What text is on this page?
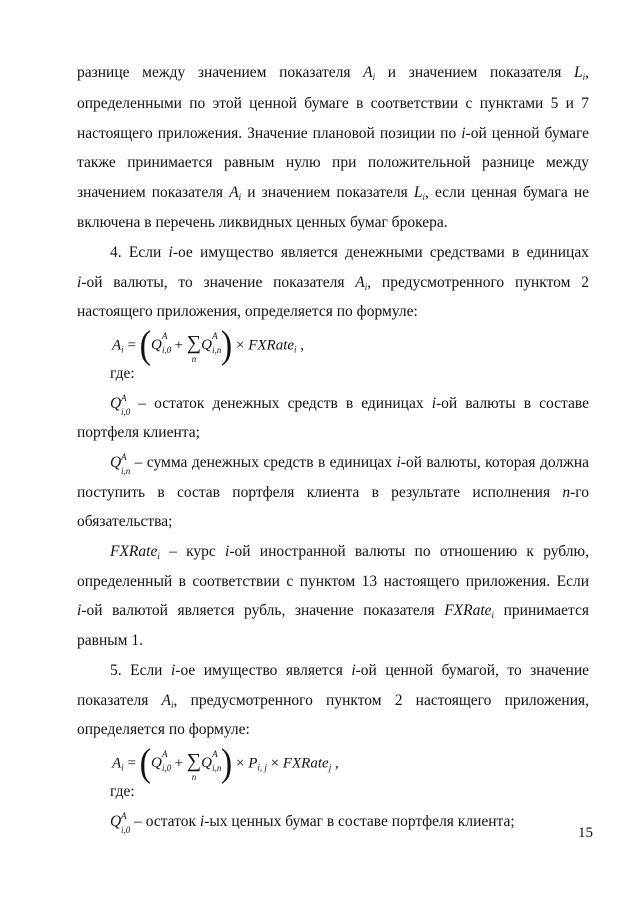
разнице между значением показателя $A_i$ и значением показателя $L_i$,

определенными по этой ценной бумаге в соответствии с пунктами 5 и 7

настоящего приложения. Значение плановой позиции по i-ой ценной бумаге

также принимается равным нулю при положительной разнице между

значением показателя $A_i$ и значением показателя $L_i$, если ценная бумага не

включена в перечень ликвидных ценных бумаг брокера.

4. Если i-ое имущество является денежными средствами в единицах

i-ой валюты, то значение показателя $A_i$, предусмотренного пунктом 2

настоящего приложения, определяется по формуле:

$A_i = (Q$
A
i,0 + ∑
n
Q
A
i,n ) × FXRate$_i$ ,

где:

Q A
i,0 – остаток денежных средств в единицах i-ой валюты в составе

портфеля клиента;

Q A
i,n – сумма денежных средств в единицах i-ой валюты, которая должна

поступить в состав портфеля клиента в результате исполнения n-го

обязательства;

FXRate$_i$ – курс i-ой иностранной валюты по отношению к рублю,

определенный в соответствии с пунктом 13 настоящего приложения. Если

i-ой валютой является рубль, значение показателя FXRate$_i$ принимается

равным 1.

5. Если i-ое имущество является i-ой ценной бумагой, то значение

показателя $A_i$, предусмотренного пунктом 2 настоящего приложения,

определяется по формуле:

$A_i = (Q$
A
i,0 + ∑
n
Q
A
i,n ) × $P_{i, j}$ × FXRate$_j$ ,

где:

Q A
i,0 – остаток i-ых ценных бумаг в составе портфеля клиента;

15
